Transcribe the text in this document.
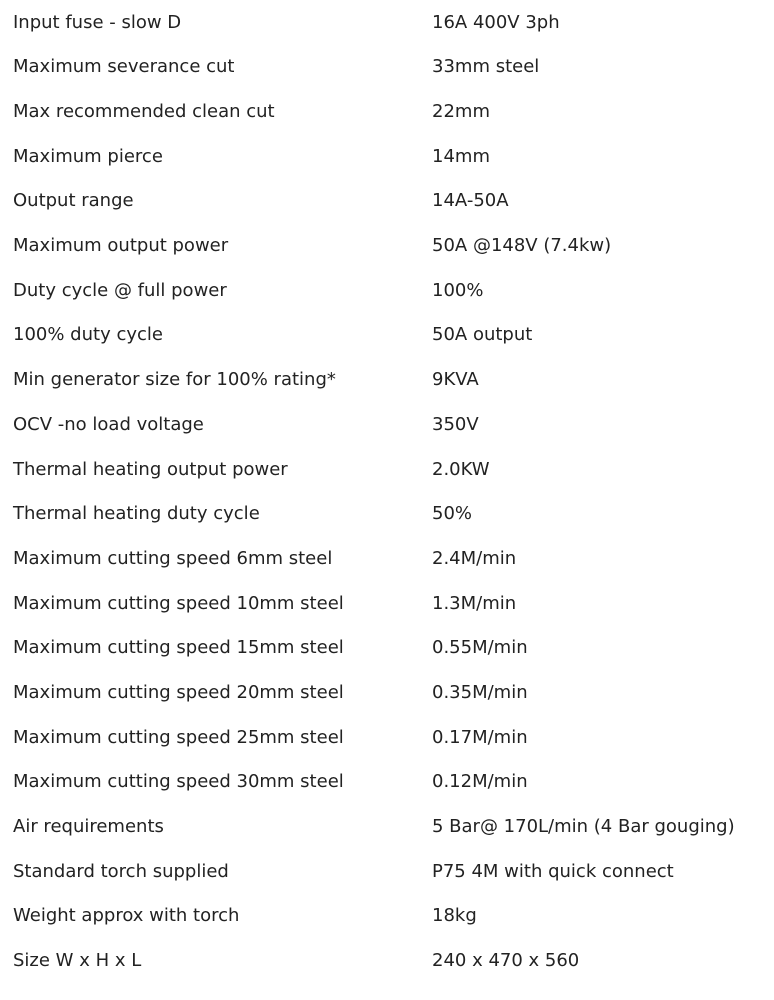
Input fuse - slow D	16A 400V 3ph
Maximum severance cut	33mm steel
Max recommended clean cut	22mm
Maximum pierce	14mm
Output range	14A-50A
Maximum output power	50A @148V (7.4kw)
Duty cycle @ full power	100%
100% duty cycle	50A output
Min generator size for 100% rating*	9KVA
OCV -no load voltage	350V
Thermal heating output power	2.0KW
Thermal heating duty cycle	50%
Maximum cutting speed 6mm steel	2.4M/min
Maximum cutting speed 10mm steel	1.3M/min
Maximum cutting speed 15mm steel	0.55M/min
Maximum cutting speed 20mm steel	0.35M/min
Maximum cutting speed 25mm steel	0.17M/min
Maximum cutting speed 30mm steel	0.12M/min
Air requirements	5 Bar@ 170L/min (4 Bar gouging)
Standard torch supplied	P75 4M with quick connect
Weight approx with torch	18kg
Size W x H x L	240 x 470 x 560
